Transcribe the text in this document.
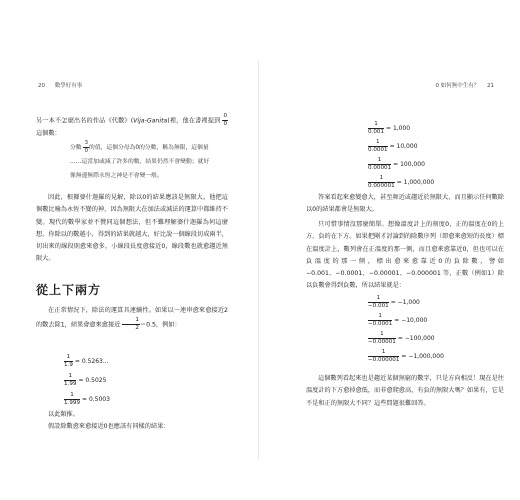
20 數學好有事

另一本不怎麼出名的作品《代數》(Vija-Ganita)裡，他在書裡提到 $\frac{0}{0}$
這個數：

分數 $\frac{3}{0}$ 的值，這個分母為0的分數，稱為無限，這個量

……這當加或減了許多的數，結果仍然不會變動；就好

像無邊無際永恆之神是不會變一般。

因此，根據婆什迦羅的見解，除以0的結果應該是無限大。他把這個數比喻為永恆不變的神，因為無限大在加法或減法的運算中都維持不變。現代的數學家並不贊同這個想法，但不難理解婆什迦羅為何這麼想。你除以的數越小，得到的結果就越大，好比說一個線段切成兩半，切出來的線段則愈來愈多，小線段長度愈接近0，線段數也就愈趨近無限大。

從上下兩方

在正常情況下，除法的運算具連續性。如果以一連串愈來愈接近2的數去除1，結果會愈來愈接近 $\frac{1}{2} =0.5$，例如：

$\frac{1}{1.9} = 0.5263$...
$\frac{1}{1.99} = 0.5025$
$\frac{1}{1.999} = 0.5003$

以此類推。

假設除數愈來愈接近0也應該有同樣的結果：

0 如何無中生有？ 21
$\frac{1}{0.001} = 1,000$
$\frac{1}{0.0001} = 10,000$
$\frac{1}{0.00001} = 100,000$
$\frac{1}{0.000001} = 1,000,000$

答案看起來愈變愈大，甚至舞近或趨近於無限大，而且顯示任何數除以0的結果都會是無限大。

只可惜事情沒那麼簡單。想像溫度計上的刻度0，正的溫度在0的上方，負的在下方。如果把剛才討論到的除數序列（即愈來愈短的長度）標在溫度計上，數列會在正溫度的那一側，而且愈來愈靠近0，但也可以在負溫度的那一側，標出愈來愈靠近0的負除數，譬如 −0.001、−0.0001、−0.00001、−0.000001 等，正數（例如1）除以負數會得到負數，所以結果就是：

$\frac{1}{-0.001} = -1,000$
$\frac{1}{-0.0001} = -10,000$
$\frac{1}{-0.00001} = -100,000$
$\frac{1}{-0.000001} = -1,000,000$

這個數列看起來也是趨近某個無窮的數字，只是方向相反！現在是往溫度計的下方愈掉愈低，而非愈爬愈高，有負的無限大嗎？如果有，它是不是和正的無限大不同？這些問題很難回答。
